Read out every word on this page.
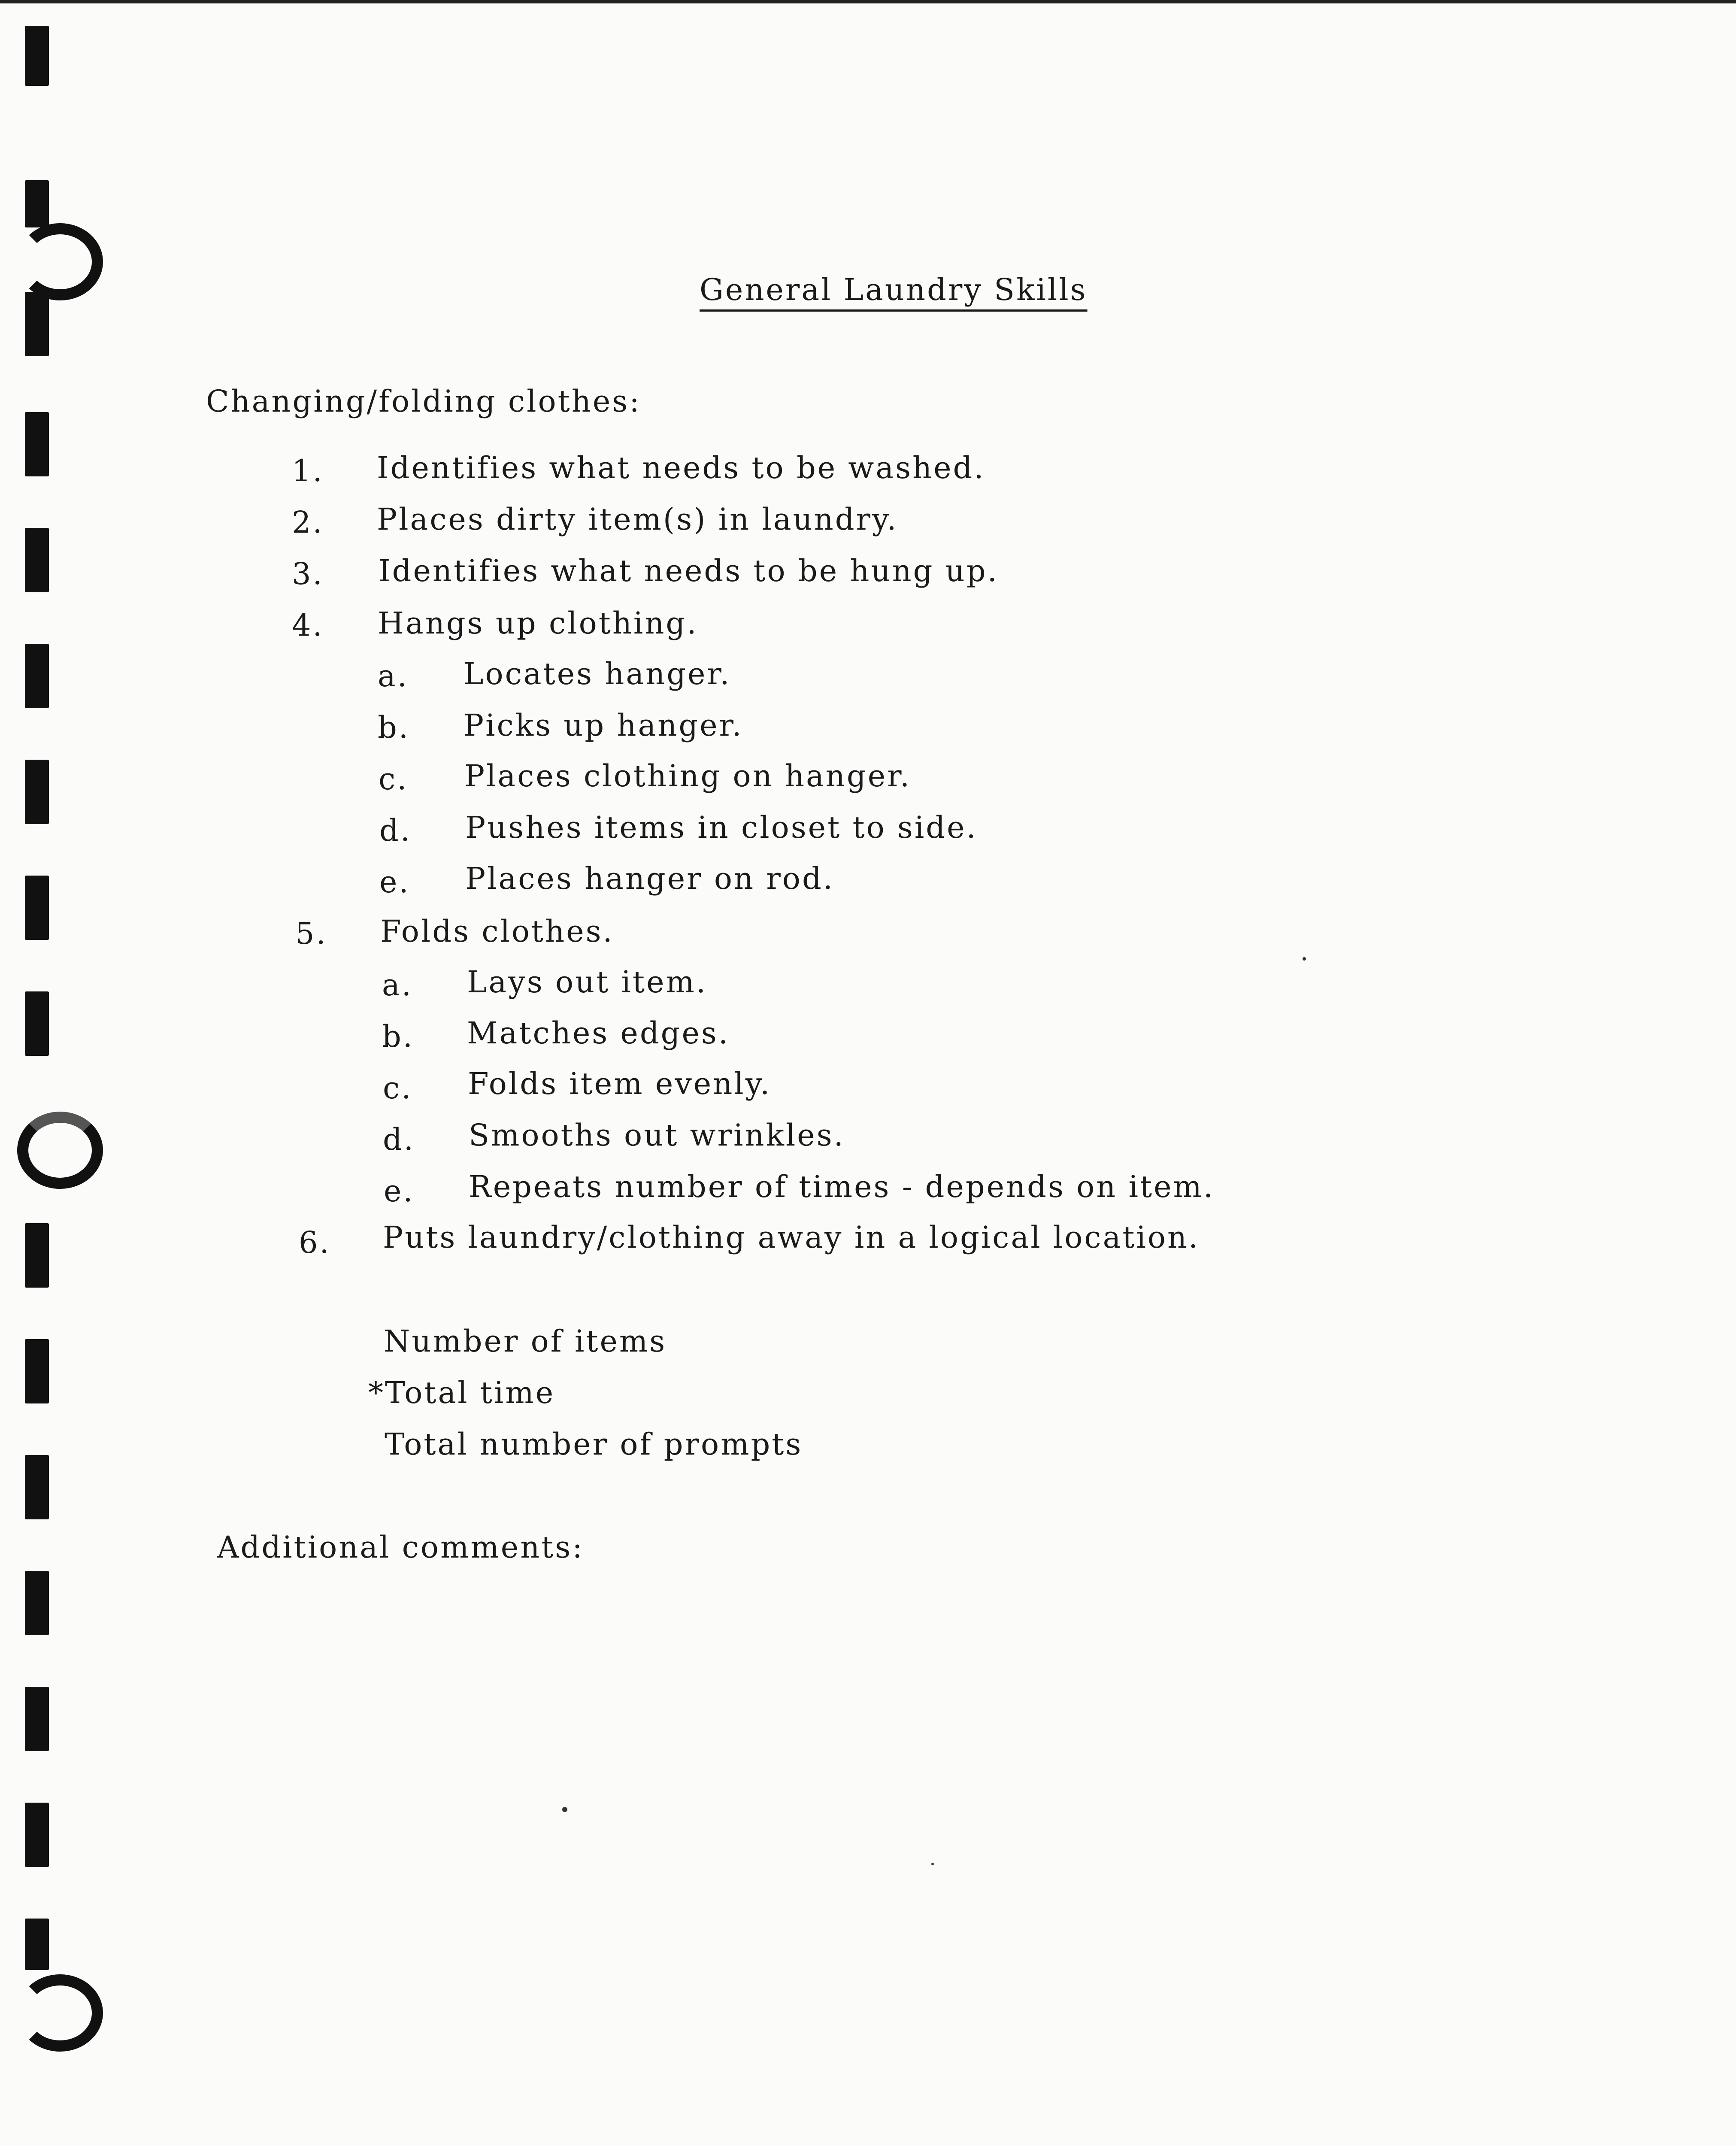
General Laundry Skills
Changing/folding clothes:
1.	Identifies what needs to be washed.
2.	Places dirty item(s) in laundry.
3.	Identifies what needs to be hung up.
4.	Hangs up clothing.
a.	Locates hanger.
b.	Picks up hanger.
c.	Places clothing on hanger.
d.	Pushes items in closet to side.
e.	Places hanger on rod.
5.	Folds clothes.
a.	Lays out item.
b.	Matches edges.
c.	Folds item evenly.
d.	Smooths out wrinkles.
e.	Repeats number of times - depends on item.
6.	Puts laundry/clothing away in a logical location.
Number of items
*Total time
Total number of prompts
Additional comments:
